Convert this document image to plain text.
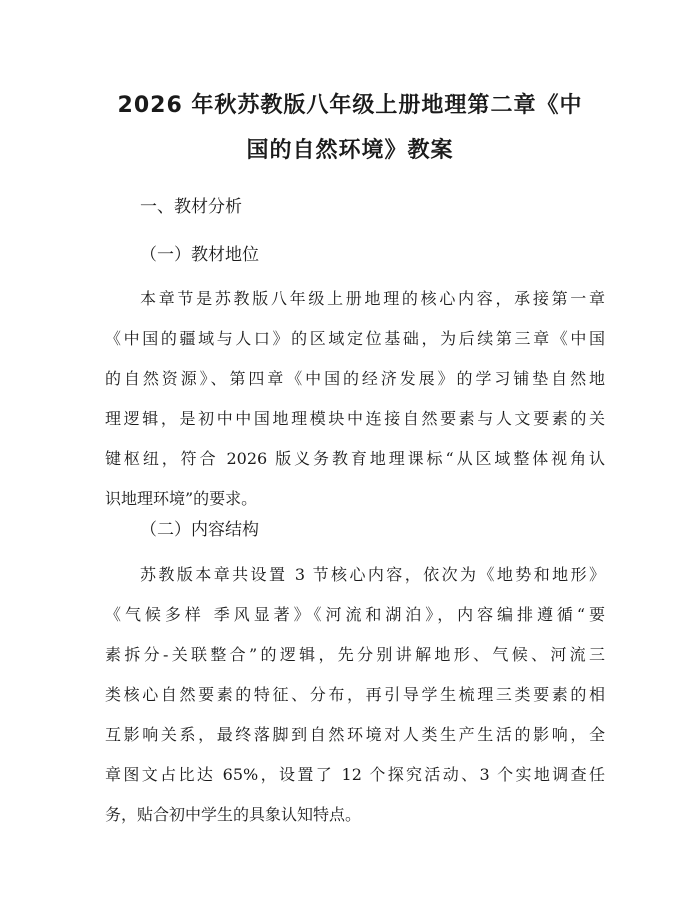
2026 年秋苏教版八年级上册地理第二章《中
国的自然环境》教案

一、教材分析

（一）教材地位

本章节是苏教版八年级上册地理的核心内容，承接第一章
《中国的疆域与人口》的区域定位基础，为后续第三章《中国
的自然资源》、第四章《中国的经济发展》的学习铺垫自然地
理逻辑，是初中中国地理模块中连接自然要素与人文要素的关
键枢纽，符合 2026 版义务教育地理课标“从区域整体视角认
识地理环境”的要求。

（二）内容结构

苏教版本章共设置 3 节核心内容，依次为《地势和地形》
《气候多样 季风显著》《河流和湖泊》，内容编排遵循“要
素拆分-关联整合”的逻辑，先分别讲解地形、气候、河流三
类核心自然要素的特征、分布，再引导学生梳理三类要素的相
互影响关系，最终落脚到自然环境对人类生产生活的影响，全
章图文占比达 65%，设置了 12 个探究活动、3 个实地调查任
务，贴合初中学生的具象认知特点。
